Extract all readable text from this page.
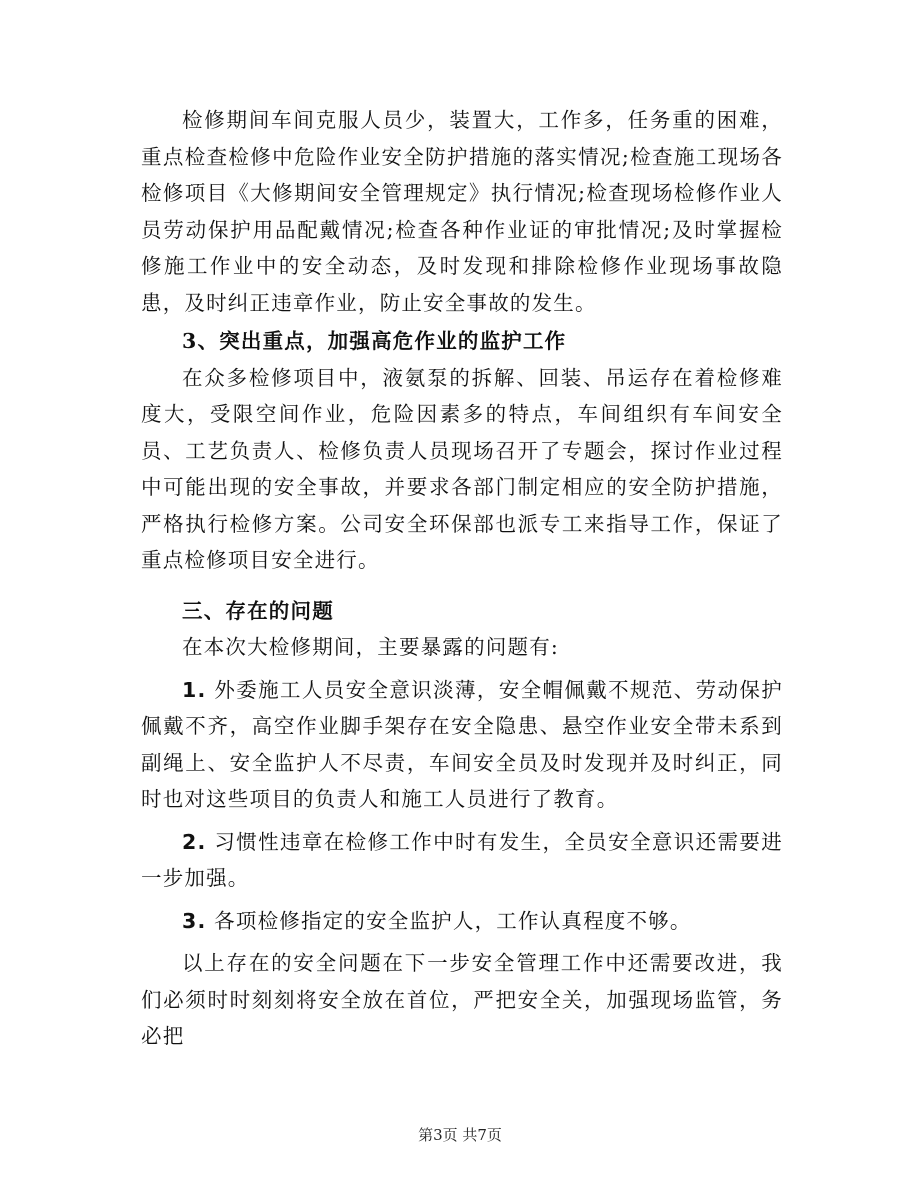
检修期间车间克服人员少，装置大，工作多，任务重的困难，重点检查检修中危险作业安全防护措施的落实情况;检查施工现场各检修项目《大修期间安全管理规定》执行情况;检查现场检修作业人员劳动保护用品配戴情况;检查各种作业证的审批情况;及时掌握检修施工作业中的安全动态，及时发现和排除检修作业现场事故隐患，及时纠正违章作业，防止安全事故的发生。

3、突出重点，加强高危作业的监护工作

在众多检修项目中，液氨泵的拆解、回装、吊运存在着检修难度大，受限空间作业，危险因素多的特点，车间组织有车间安全员、工艺负责人、检修负责人员现场召开了专题会，探讨作业过程中可能出现的安全事故，并要求各部门制定相应的安全防护措施，严格执行检修方案。公司安全环保部也派专工来指导工作，保证了重点检修项目安全进行。

三、存在的问题

在本次大检修期间，主要暴露的问题有:

1. 外委施工人员安全意识淡薄，安全帽佩戴不规范、劳动保护佩戴不齐，高空作业脚手架存在安全隐患、悬空作业安全带未系到副绳上、安全监护人不尽责，车间安全员及时发现并及时纠正，同时也对这些项目的负责人和施工人员进行了教育。

2. 习惯性违章在检修工作中时有发生，全员安全意识还需要进一步加强。

3. 各项检修指定的安全监护人，工作认真程度不够。

以上存在的安全问题在下一步安全管理工作中还需要改进，我们必须时时刻刻将安全放在首位，严把安全关，加强现场监管，务必把

第3页 共7页
